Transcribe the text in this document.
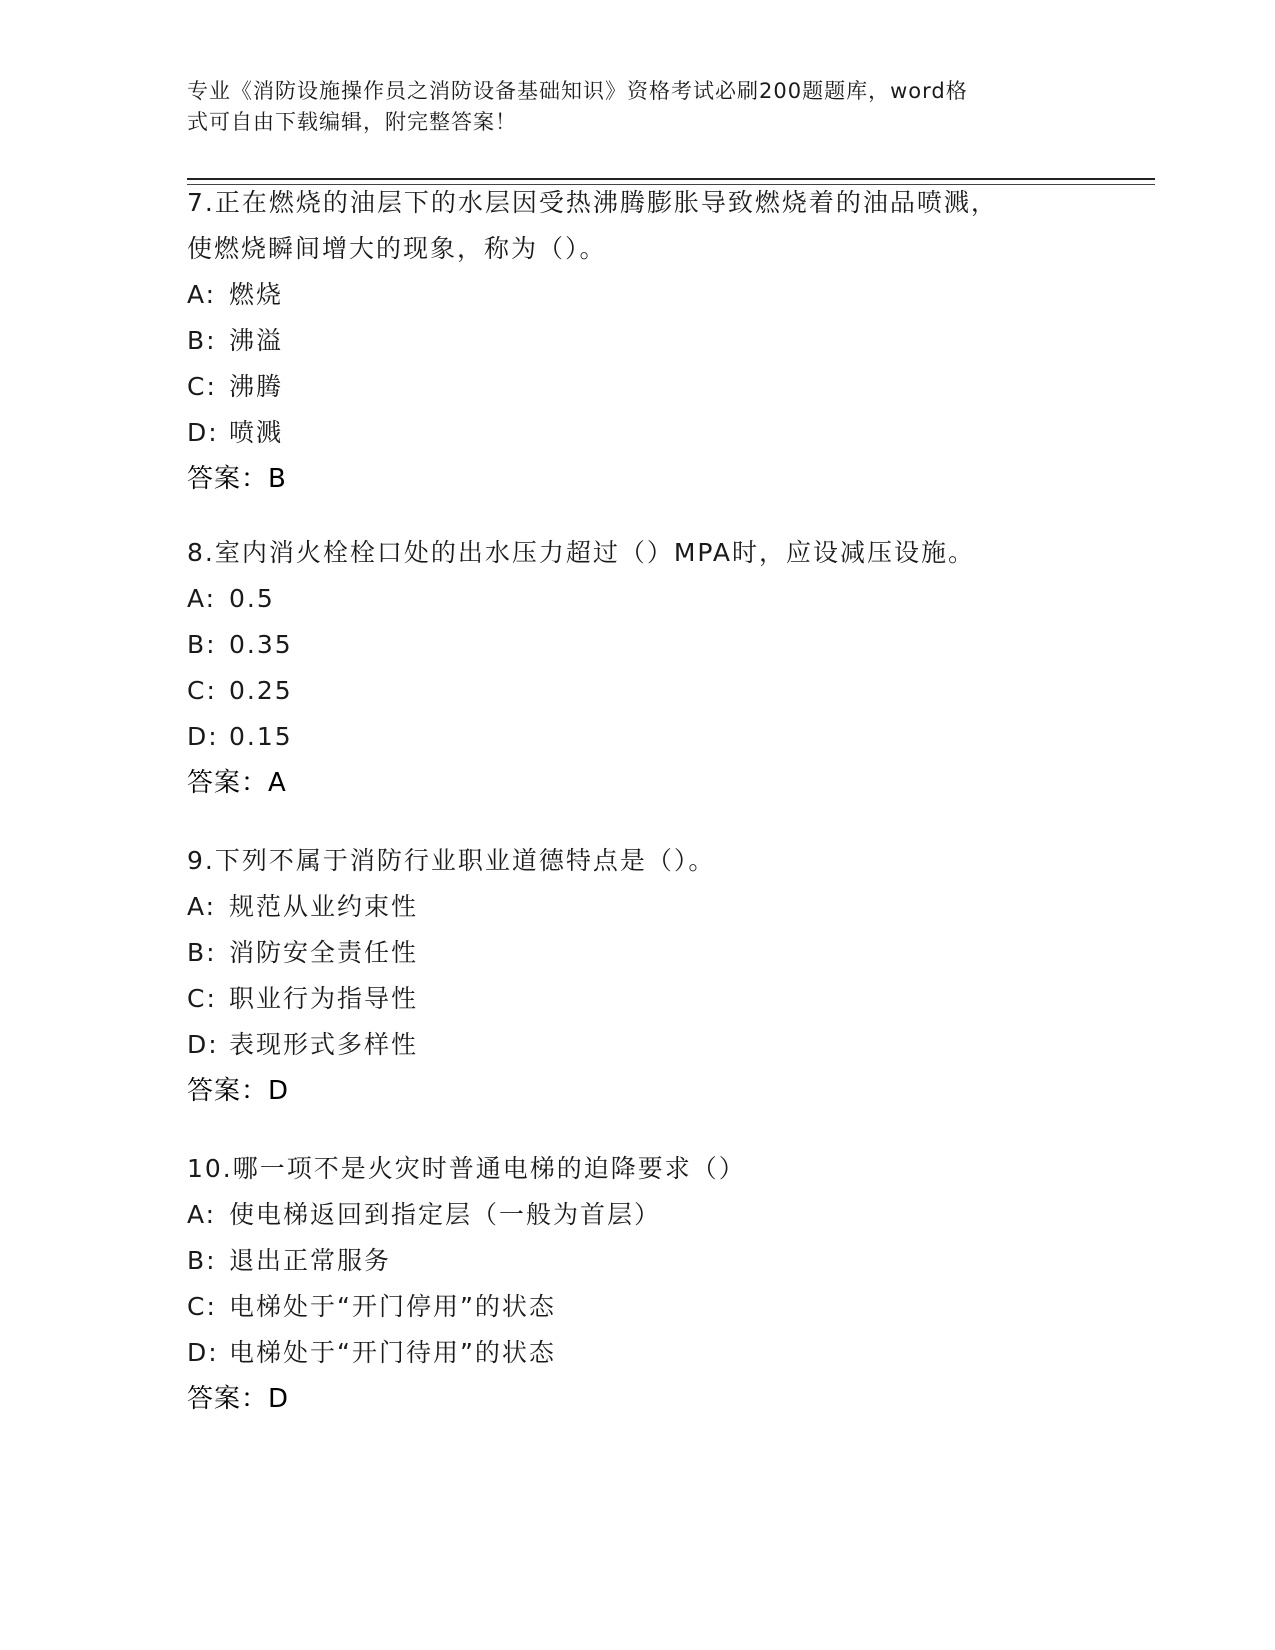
专业《消防设施操作员之消防设备基础知识》资格考试必刷200题题库，word格

式可自由下载编辑，附完整答案！

7.正在燃烧的油层下的水层因受热沸腾膨胀导致燃烧着的油品喷溅，

使燃烧瞬间增大的现象，称为（）。

A: 燃烧
B: 沸溢
C: 沸腾
D: 喷溅
答案：B

8.室内消火栓栓口处的出水压力超过（）MPA时，应设减压设施。

A: 0.5
B: 0.35
C: 0.25
D: 0.15
答案：A

9.下列不属于消防行业职业道德特点是（）。

A: 规范从业约束性
B: 消防安全责任性
C: 职业行为指导性
D: 表现形式多样性
答案：D

10.哪一项不是火灾时普通电梯的迫降要求（）

A: 使电梯返回到指定层（一般为首层）
B: 退出正常服务
C: 电梯处于“开门停用”的状态
D: 电梯处于“开门待用”的状态
答案：D
